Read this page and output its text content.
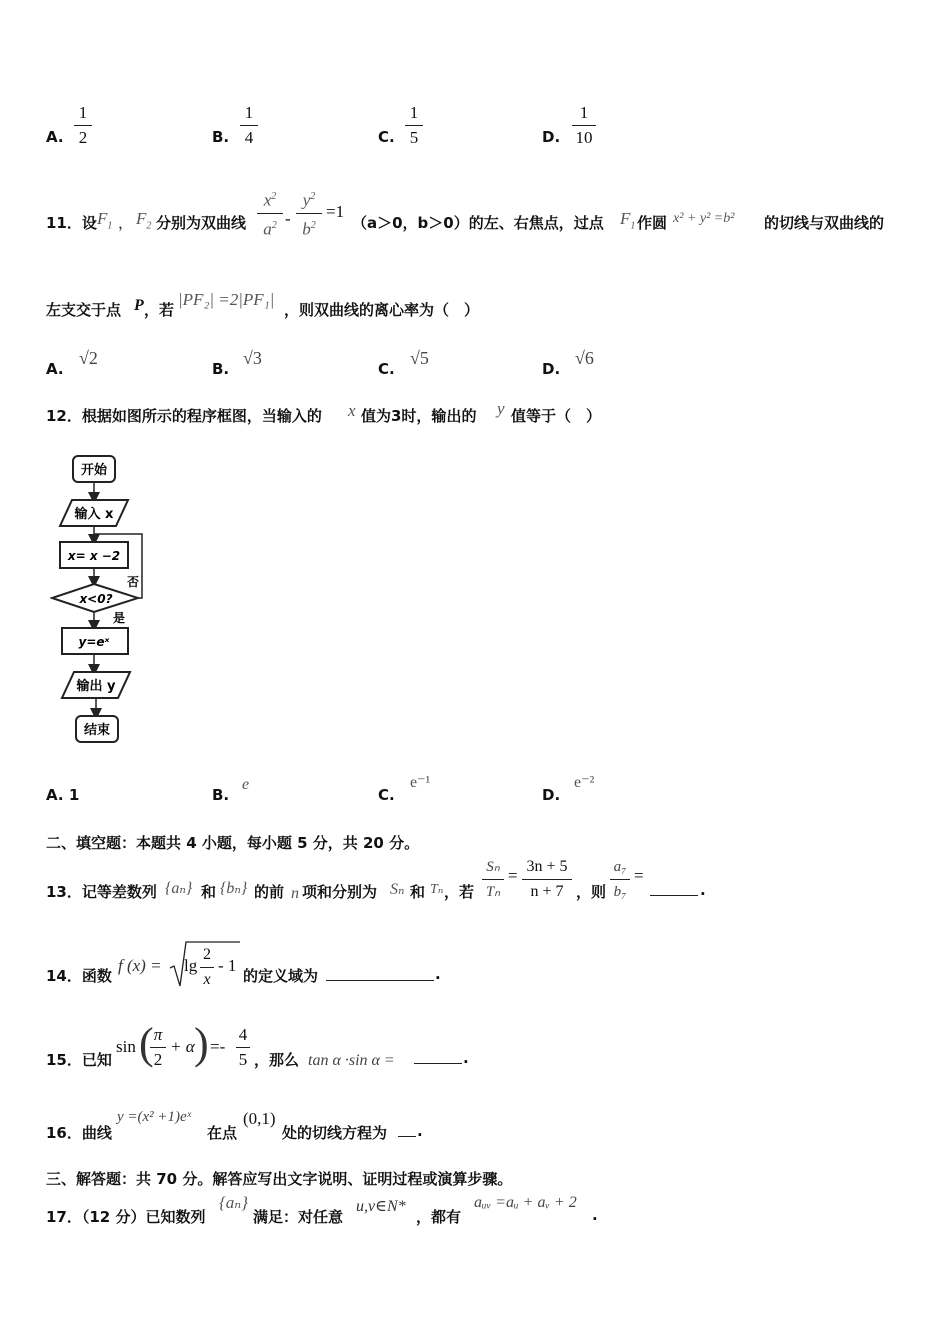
A.
1
2	B.
1
4	C.
1
5	D.
1
10
11．设 $F_1$ ， $F_2$ 分别为双曲线
$x^2$
$a^2$ -
$y^2$
$b^2$
=1
（a＞0，b＞0）的左、右焦点，过点 $F_1$ 作圆 x² + y² =b² 的切线与双曲线的
左支交于点 P ，若
|PF₂| =2|PF₁|
，则双曲线的离心率为（　）
A.
√2
B.
√3
C.
√5
D.
√6
12．根据如图所示的程序框图，当输入的 x 值为3时，输出的 y 值等于（　）
开始
输入 x
x= x −2
x<0?
否
是
y=eˣ
输出 y
结束
A. 1	B.
e
C.
e⁻¹
D.
e⁻²
二、填空题：本题共 4 小题，每小题 5 分，共 20 分。
13．记等差数列 {aₙ} 和 {bₙ} 的前 n 项和分别为 Sₙ 和 Tₙ ，若
Sₙ
Tₙ
= 3n + 5
n + 7 ，则
a₇
b₇
=
.
14．函数
f (x) = lg
2
x
- 1
的定义域为	.
15．已知
sin ( π
2
+ α ) =-
4
5 ，那么 tan α ·sin α =	.
16．曲线
y =(x² +1)eˣ
在点
(0,1)
处的切线方程为 .
三、解答题：共 70 分。解答应写出文字说明、证明过程或演算步骤。
17．（12 分）已知数列
{aₙ}
满足：对任意
u,v∈N*
，都有
aᵤᵥ =aᵤ + aᵥ + 2
.
